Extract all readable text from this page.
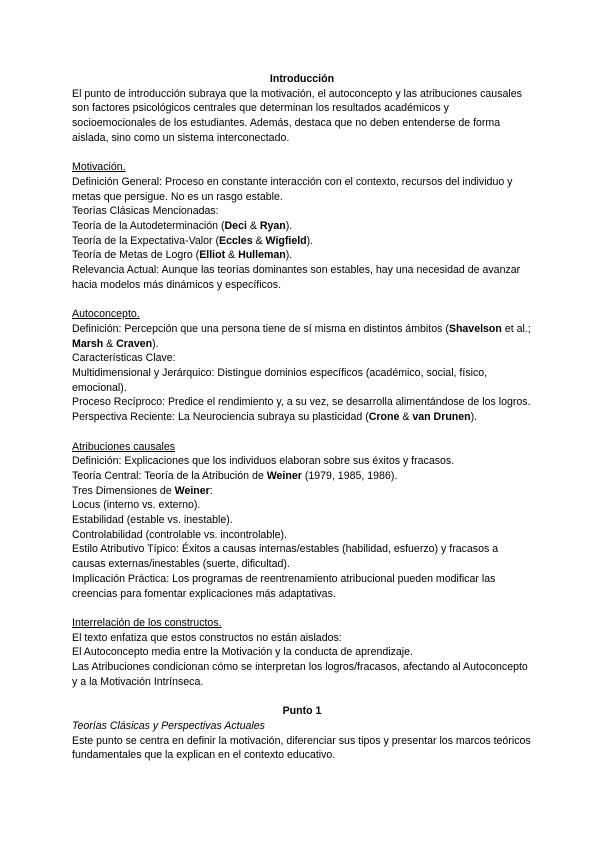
Introducción

El punto de introducción subraya que la motivación, el autoconcepto y las atribuciones causales son factores psicológicos centrales que determinan los resultados académicos y socioemocionales de los estudiantes. Además, destaca que no deben entenderse de forma aislada, sino como un sistema interconectado.

Motivación.

Definición General: Proceso en constante interacción con el contexto, recursos del individuo y metas que persigue. No es un rasgo estable.

Teorías Clásicas Mencionadas:

Teoría de la Autodeterminación (Deci & Ryan).

Teoría de la Expectativa-Valor (Eccles & Wigfield).

Teoría de Metas de Logro (Elliot & Hulleman).

Relevancia Actual: Aunque las teorías dominantes son estables, hay una necesidad de avanzar hacia modelos más dinámicos y específicos.

Autoconcepto.

Definición: Percepción que una persona tiene de sí misma en distintos ámbitos (Shavelson et al.; Marsh & Craven).

Características Clave:

Multidimensional y Jerárquico: Distingue dominios específicos (académico, social, físico, emocional).

Proceso Recíproco: Predice el rendimiento y, a su vez, se desarrolla alimentándose de los logros.

Perspectiva Reciente: La Neurociencia subraya su plasticidad (Crone & van Drunen).

Atribuciones causales

Definición: Explicaciones que los individuos elaboran sobre sus éxitos y fracasos.

Teoría Central: Teoría de la Atribución de Weiner (1979, 1985, 1986).

Tres Dimensiones de Weiner:

Locus (interno vs. externo).

Estabilidad (estable vs. inestable).

Controlabilidad (controlable vs. incontrolable).

Estilo Atributivo Típico: Éxitos a causas internas/estables (habilidad, esfuerzo) y fracasos a causas externas/inestables (suerte, dificultad).

Implicación Práctica: Los programas de reentrenamiento atribucional pueden modificar las creencias para fomentar explicaciones más adaptativas.

Interrelación de los constructos.

El texto enfatiza que estos constructos no están aislados:

El Autoconcepto media entre la Motivación y la conducta de aprendizaje.

Las Atribuciones condicionan cómo se interpretan los logros/fracasos, afectando al Autoconcepto y a la Motivación Intrínseca.

Punto 1

Teorías Clásicas y Perspectivas Actuales

Este punto se centra en definir la motivación, diferenciar sus tipos y presentar los marcos teóricos fundamentales que la explican en el contexto educativo.
